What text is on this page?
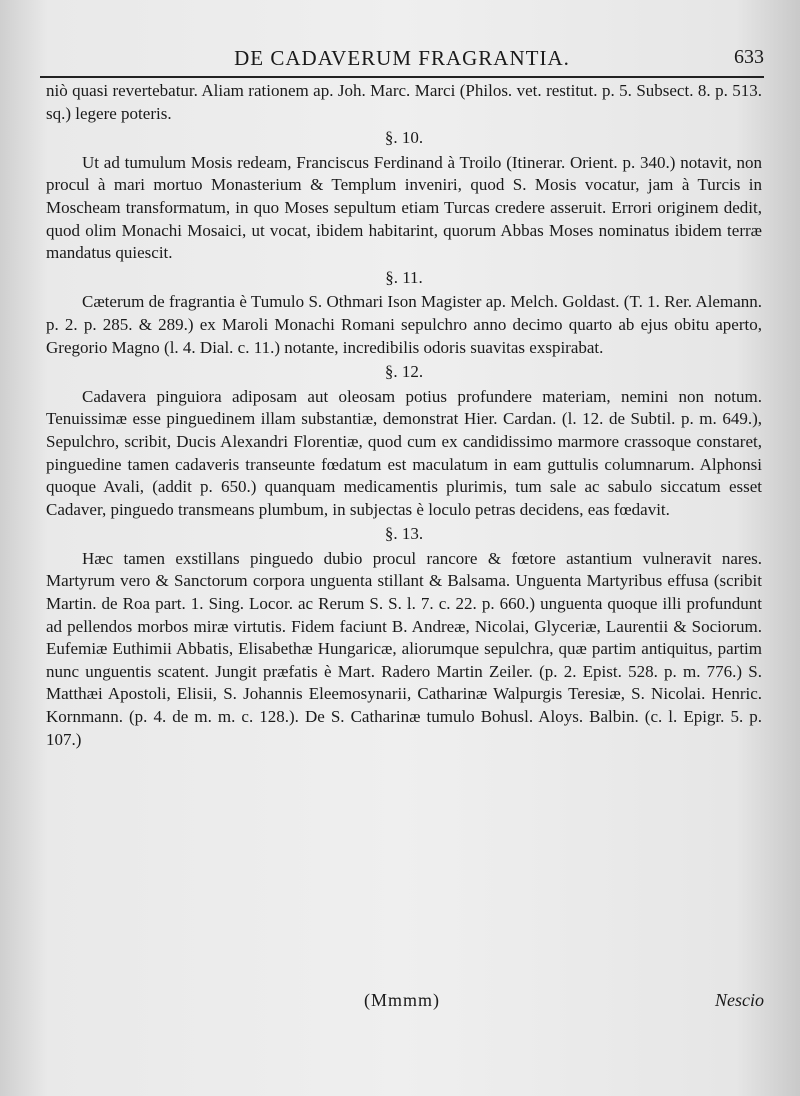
DE CADAVERUM FRAGRANTIA.	633

niò quasi revertebatur. Aliam rationem ap. Joh. Marc. Marci (Philos. vet. restitut. p. 5. Subsect. 8. p. 513. sq.) legere poteris.

§. 10.

Ut ad tumulum Mosis redeam, Franciscus Ferdinand à Troilo (Itinerar. Orient. p. 340.) notavit, non procul à mari mortuo Monasterium & Templum inveniri, quod S. Mosis vocatur, jam à Turcis in Moscheam transformatum, in quo Moses sepultum etiam Turcas credere asseruit. Errori originem dedit, quod olim Monachi Mosaici, ut vocat, ibidem habitarint, quorum Abbas Moses nominatus ibidem terræ mandatus quiescit.

§. 11.

Cæterum de fragrantia è Tumulo S. Othmari Ison Magister ap. Melch. Goldast. (T. 1. Rer. Alemann. p. 2. p. 285. & 289.) ex Maroli Monachi Romani sepulchro anno decimo quarto ab ejus obitu aperto, Gregorio Magno (l. 4. Dial. c. 11.) notante, incredibilis odoris suavitas exspirabat.

§. 12.

Cadavera pinguiora adiposam aut oleosam potius profundere materiam, nemini non notum. Tenuissimæ esse pinguedinem illam substantiæ, demonstrat Hier. Cardan. (l. 12. de Subtil. p. m. 649.), Sepulchro, scribit, Ducis Alexandri Florentiæ, quod cum ex candidissimo marmore crassoque constaret, pinguedine tamen cadaveris transeunte fœdatum est maculatum in eam guttulis columnarum. Alphonsi quoque Avali, (addit p. 650.) quanquam medicamentis plurimis, tum sale ac sabulo siccatum esset Cadaver, pinguedo transmeans plumbum, in subjectas è loculo petras decidens, eas fœdavit.

§. 13.

Hæc tamen exstillans pinguedo dubio procul rancore & fœtore astantium vulneravit nares. Martyrum vero & Sanctorum corpora unguenta stillant & Balsama. Unguenta Martyribus effusa (scribit Martin. de Roa part. 1. Sing. Locor. ac Rerum S. S. l. 7. c. 22. p. 660.) unguenta quoque illi profundunt ad pellendos morbos miræ virtutis. Fidem faciunt B. Andreæ, Nicolai, Glyceriæ, Laurentii & Sociorum. Eufemiæ Euthimii Abbatis, Elisabethæ Hungaricæ, aliorumque sepulchra, quæ partim antiquitus, partim nunc unguentis scatent. Jungit præfatis è Mart. Radero Martin Zeiler. (p. 2. Epist. 528. p. m. 776.) S. Matthæi Apostoli, Elisii, S. Johannis Eleemosynarii, Catharinæ Walpurgis Teresiæ, S. Nicolai. Henric. Kornmann. (p. 4. de m. m. c. 128.). De S. Catharinæ tumulo Bohusl. Aloys. Balbin. (c. l. Epigr. 5. p. 107.)

(Mmmm)	Nescio
